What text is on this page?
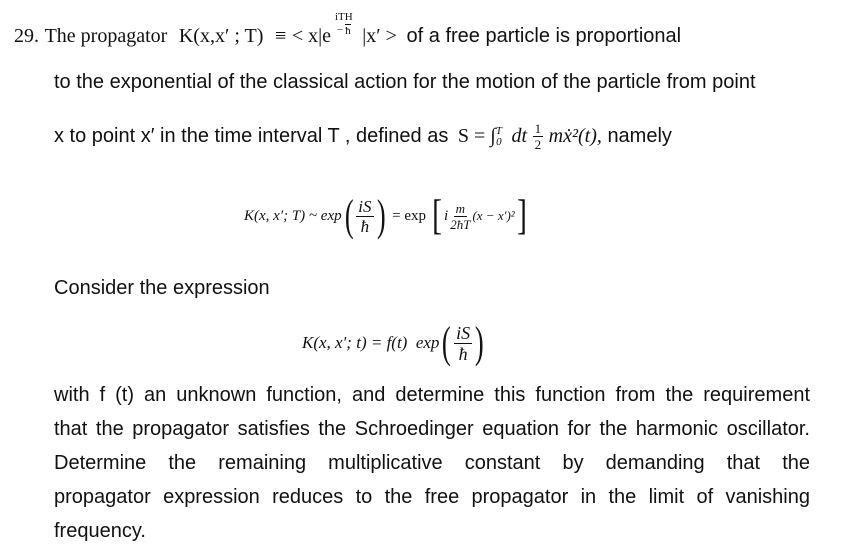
29. The propagator K(x,x′ ; T) ≡ < x|e
iTH
− ħ |x′ > of a free particle is proportional
to the exponential of the classical action for the motion of the particle from point
x to point x′ in the time interval T , defined as S = ∫ T
0 dt $\frac{1}{2}$ mẋ²(t), namely
K(x, x′; T) ~ exp ( $\frac{iS}{ħ}$ ) = exp [ i $\frac{m}{2ħT} (x - x')^2$ ]
Consider the expression
K(x, x′; t) = f(t)  exp ( $\frac{iS}{ħ}$ )
with f (t) an unknown function, and determine this function from the requirement
that the propagator satisfies the Schroedinger equation for the harmonic oscillator.
Determine the remaining multiplicative constant by demanding that the
propagator expression reduces to the free propagator in the limit of vanishing
frequency.
